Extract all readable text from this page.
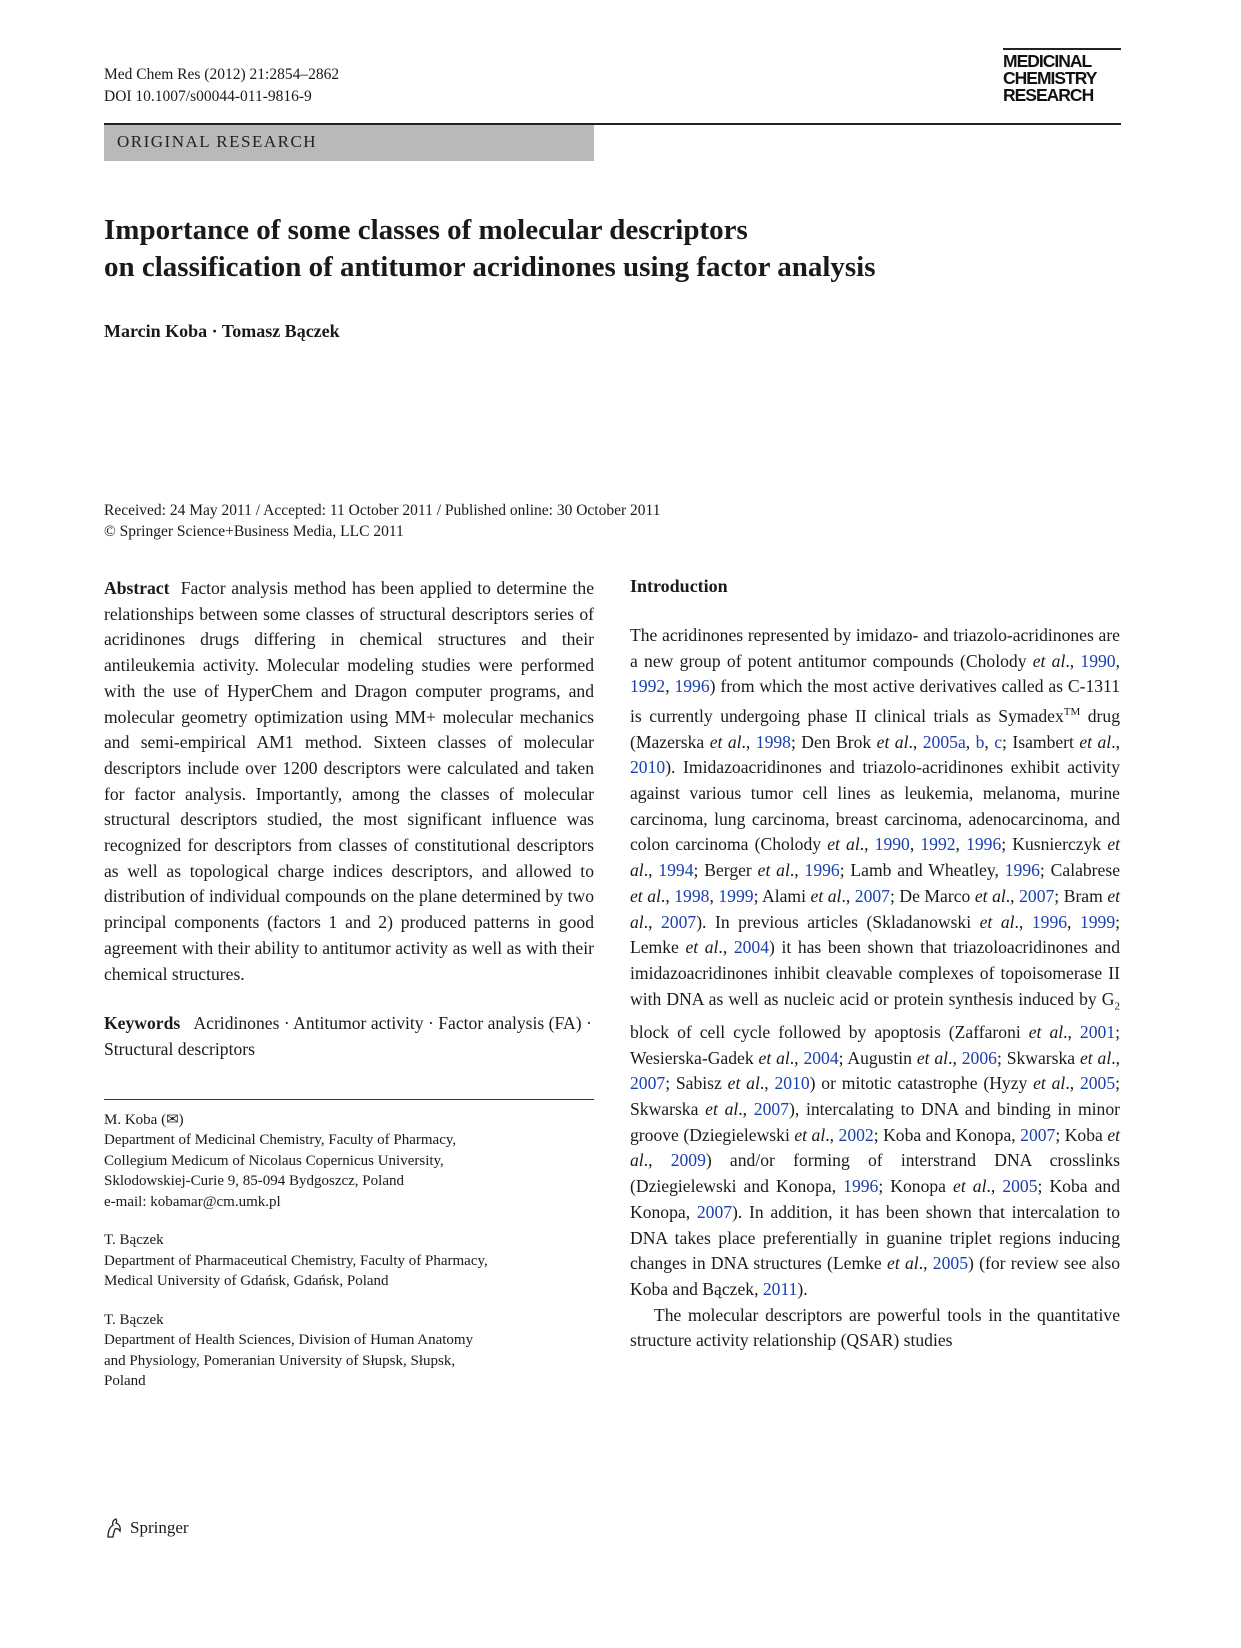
Med Chem Res (2012) 21:2854–2862
DOI 10.1007/s00044-011-9816-9
MEDICINAL
CHEMISTRY
RESEARCH
ORIGINAL RESEARCH
Importance of some classes of molecular descriptors
on classification of antitumor acridinones using factor analysis
Marcin Koba · Tomasz Bączek
Received: 24 May 2011 / Accepted: 11 October 2011 / Published online: 30 October 2011
© Springer Science+Business Media, LLC 2011

Abstract Factor analysis method has been applied to determine the relationships between some classes of structural descriptors series of acridinones drugs differing in chemical structures and their antileukemia activity. Molecular modeling studies were performed with the use of HyperChem and Dragon computer programs, and molecular geometry optimization using MM+ molecular mechanics and semi-empirical AM1 method. Sixteen classes of molecular descriptors include over 1200 descriptors were calculated and taken for factor analysis. Importantly, among the classes of molecular structural descriptors studied, the most significant influence was recognized for descriptors from classes of constitutional descriptors as well as topological charge indices descriptors, and allowed to distribution of individual compounds on the plane determined by two principal components (factors 1 and 2) produced patterns in good agreement with their ability to antitumor activity as well as with their chemical structures.

Keywords Acridinones · Antitumor activity · Factor analysis (FA) · Structural descriptors

M. Koba (✉)
Department of Medicinal Chemistry, Faculty of Pharmacy,
Collegium Medicum of Nicolaus Copernicus University,
Sklodowskiej-Curie 9, 85-094 Bydgoszcz, Poland
e-mail: kobamar@cm.umk.pl
T. Bączek
Department of Pharmaceutical Chemistry, Faculty of Pharmacy,
Medical University of Gdańsk, Gdańsk, Poland
T. Bączek
Department of Health Sciences, Division of Human Anatomy
and Physiology, Pomeranian University of Słupsk, Słupsk,
Poland
Introduction

The acridinones represented by imidazo- and triazolo-acridinones are a new group of potent antitumor compounds (Cholody et al., 1990, 1992, 1996) from which the most active derivatives called as C-1311 is currently undergoing phase II clinical trials as Symadex™ drug (Mazerska et al., 1998; Den Brok et al., 2005a, b, c; Isambert et al., 2010). Imidazoacridinones and triazolo-acridinones exhibit activity against various tumor cell lines as leukemia, melanoma, murine carcinoma, lung carcinoma, breast carcinoma, adenocarcinoma, and colon carcinoma (Cholody et al., 1990, 1992, 1996; Kusnierczyk et al., 1994; Berger et al., 1996; Lamb and Wheatley, 1996; Calabrese et al., 1998, 1999; Alami et al., 2007; De Marco et al., 2007; Bram et al., 2007). In previous articles (Skladanowski et al., 1996, 1999; Lemke et al., 2004) it has been shown that triazoloacridinones and imidazoacridinones inhibit cleavable complexes of topoisomerase II with DNA as well as nucleic acid or protein synthesis induced by $G_2$ block of cell cycle followed by apoptosis (Zaffaroni et al., 2001; Wesierska-Gadek et al., 2004; Augustin et al., 2006; Skwarska et al., 2007; Sabisz et al., 2010) or mitotic catastrophe (Hyzy et al., 2005; Skwarska et al., 2007), intercalating to DNA and binding in minor groove (Dziegielewski et al., 2002; Koba and Konopa, 2007; Koba et al., 2009) and/or forming of interstrand DNA crosslinks (Dziegielewski and Konopa, 1996; Konopa et al., 2005; Koba and Konopa, 2007). In addition, it has been shown that intercalation to DNA takes place preferentially in guanine triplet regions inducing changes in DNA structures (Lemke et al., 2005) (for review see also Koba and Bączek, 2011).

The molecular descriptors are powerful tools in the quantitative structure activity relationship (QSAR) studies

Springer
